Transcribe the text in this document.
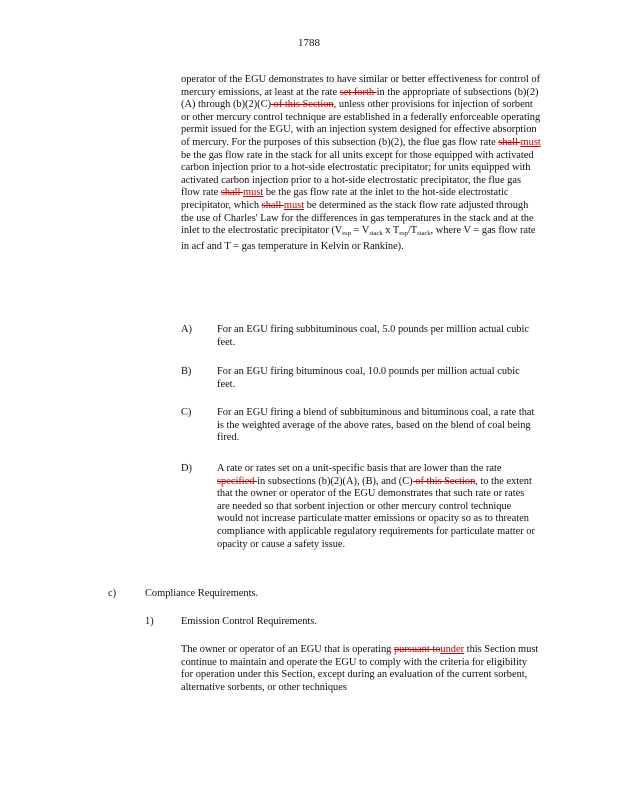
1788
operator of the EGU demonstrates to have similar or better effectiveness for control of mercury emissions, at least at the rate set forth in the appropriate of subsections (b)(2)(A) through (b)(2)(C) of this Section, unless other provisions for injection of sorbent or other mercury control technique are established in a federally enforceable operating permit issued for the EGU, with an injection system designed for effective absorption of mercury. For the purposes of this subsection (b)(2), the flue gas flow rate shall must be the gas flow rate in the stack for all units except for those equipped with activated carbon injection prior to a hot-side electrostatic precipitator; for units equipped with activated carbon injection prior to a hot-side electrostatic precipitator, the flue gas flow rate shall must be the gas flow rate at the inlet to the hot-side electrostatic precipitator, which shall must be determined as the stack flow rate adjusted through the use of Charles' Law for the differences in gas temperatures in the stack and at the inlet to the electrostatic precipitator ($V_{esp} = V_{stack}$ x $T_{esp}/T_{stack}$, where V = gas flow rate in acf and T = gas temperature in Kelvin or Rankine).
A) For an EGU firing subbituminous coal, 5.0 pounds per million actual cubic feet.
B) For an EGU firing bituminous coal, 10.0 pounds per million actual cubic feet.
C) For an EGU firing a blend of subbituminous and bituminous coal, a rate that is the weighted average of the above rates, based on the blend of coal being fired.
D) A rate or rates set on a unit-specific basis that are lower than the rate specified in subsections (b)(2)(A), (B), and (C) of this Section, to the extent that the owner or operator of the EGU demonstrates that such rate or rates are needed so that sorbent injection or other mercury control technique would not increase particulate matter emissions or opacity so as to threaten compliance with applicable regulatory requirements for particulate matter or opacity or cause a safety issue.
c)	Compliance Requirements.
1)	Emission Control Requirements.
The owner or operator of an EGU that is operating pursuant tounder this Section must continue to maintain and operate the EGU to comply with the criteria for eligibility for operation under this Section, except during an evaluation of the current sorbent, alternative sorbents, or other techniques
